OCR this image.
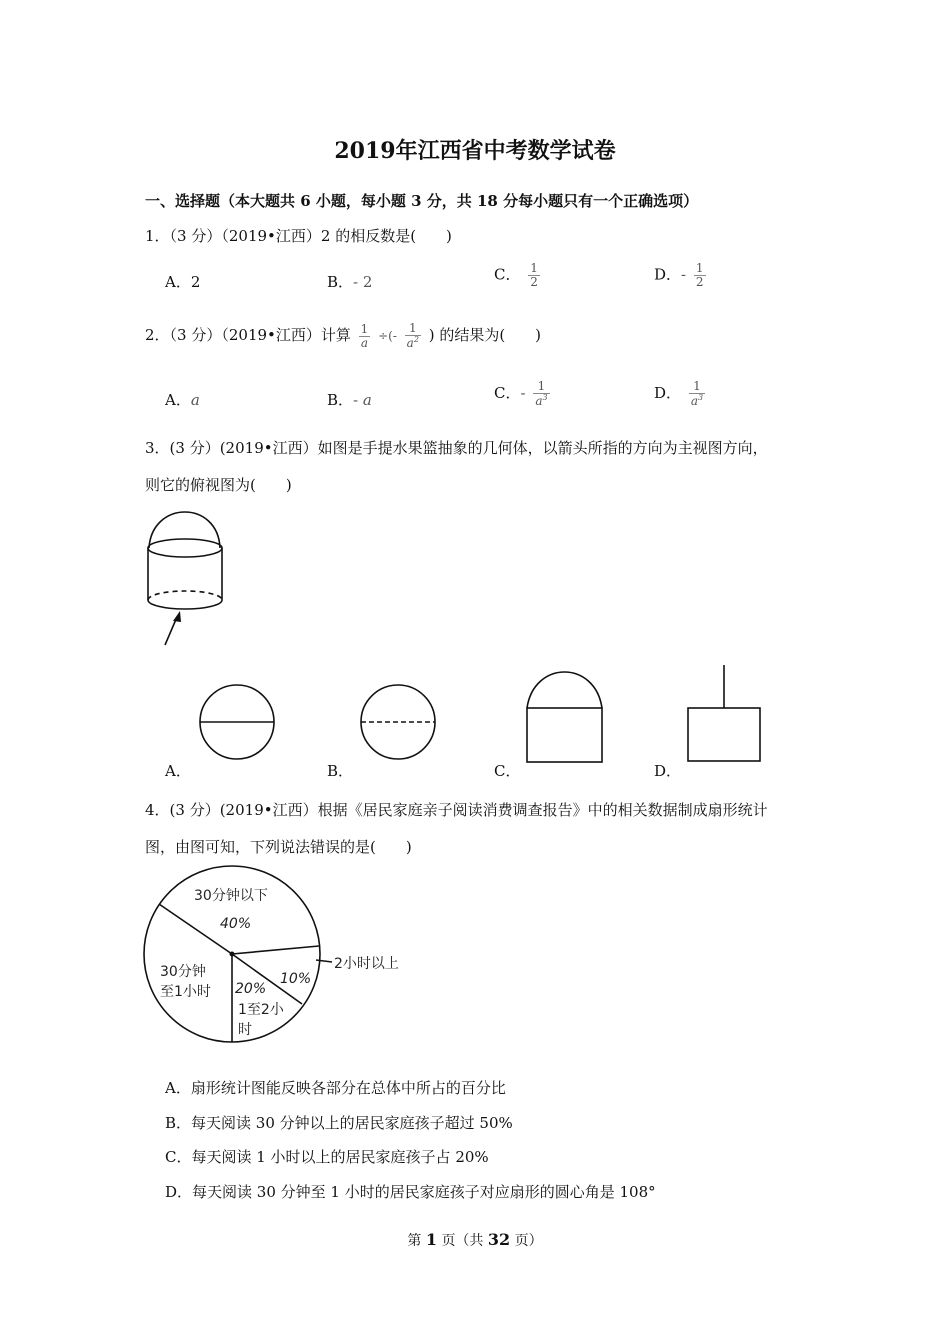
2019年江西省中考数学试卷
一、选择题（本大题共 6 小题，每小题 3 分，共 18 分每小题只有一个正确选项）
1．（3 分）（2019•江西）2 的相反数是(　　)
A．2	B．- 2	C． $\frac{1}{2}$	D．- $\frac{1}{2}$
2．（3 分）（2019•江西）计算 $\frac{1}{a}$ ÷(- $\frac{1}{a^2}$ ) 的结果为(　　)
A．a	B．- a	C．- $\frac{1}{a^3}$	D． $\frac{1}{a^3}$
3．(3 分）(2019•江西）如图是手提水果篮抽象的几何体，以箭头所指的方向为主视图方向，
则它的俯视图为(　　)
A．	B．	C．	D．
4．(3 分）(2019•江西）根据《居民家庭亲子阅读消费调查报告》中的相关数据制成扇形统计
图，由图可知，下列说法错误的是(　　)
30分钟以下
40%
2小时以上
10%
20%
1至2小
时
30分钟
至1小时
A．扇形统计图能反映各部分在总体中所占的百分比
B．每天阅读 30 分钟以上的居民家庭孩子超过 50%
C．每天阅读 1 小时以上的居民家庭孩子占 20%
D．每天阅读 30 分钟至 1 小时的居民家庭孩子对应扇形的圆心角是 108°
第 1 页（共 32 页）
